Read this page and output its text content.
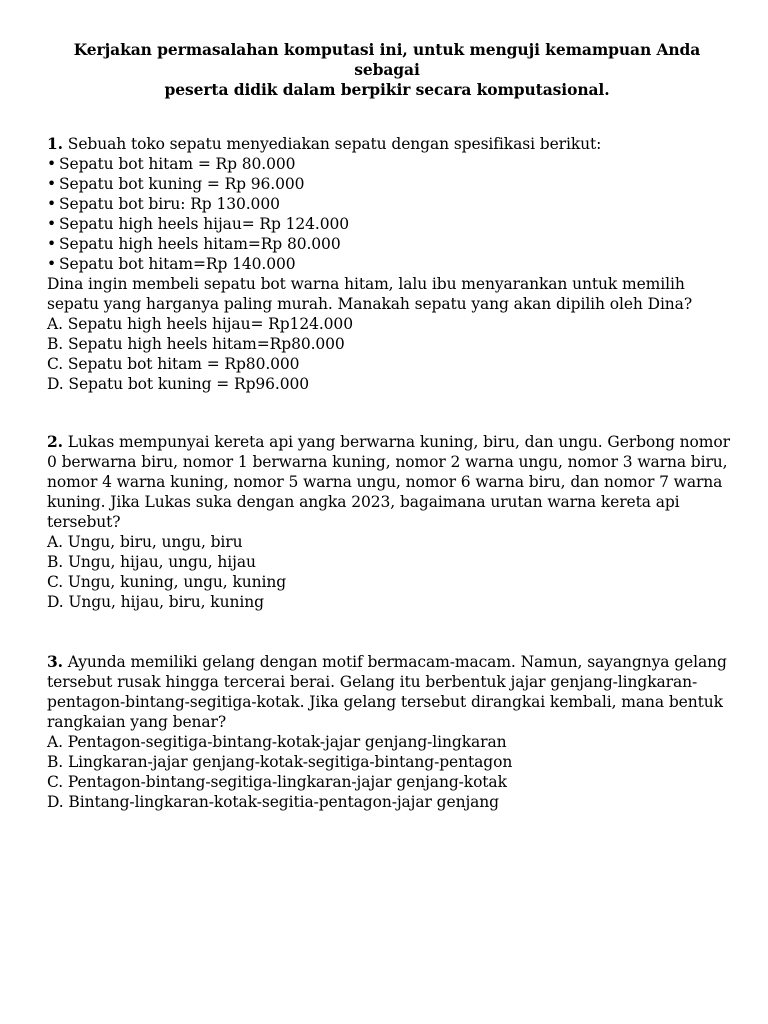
Kerjakan permasalahan komputasi ini, untuk menguji kemampuan Anda sebagai
peserta didik dalam berpikir secara komputasional.
1. Sebuah toko sepatu menyediakan sepatu dengan spesifikasi berikut:
• Sepatu bot hitam = Rp 80.000
• Sepatu bot kuning = Rp 96.000
• Sepatu bot biru: Rp 130.000
• Sepatu high heels hijau= Rp 124.000
• Sepatu high heels hitam=Rp 80.000
• Sepatu bot hitam=Rp 140.000
Dina ingin membeli sepatu bot warna hitam, lalu ibu menyarankan untuk memilih
sepatu yang harganya paling murah. Manakah sepatu yang akan dipilih oleh Dina?
A. Sepatu high heels hijau= Rp124.000
B. Sepatu high heels hitam=Rp80.000
C. Sepatu bot hitam = Rp80.000
D. Sepatu bot kuning = Rp96.000
2. Lukas mempunyai kereta api yang berwarna kuning, biru, dan ungu. Gerbong nomor
0 berwarna biru, nomor 1 berwarna kuning, nomor 2 warna ungu, nomor 3 warna biru,
nomor 4 warna kuning, nomor 5 warna ungu, nomor 6 warna biru, dan nomor 7 warna
kuning. Jika Lukas suka dengan angka 2023, bagaimana urutan warna kereta api
tersebut?
A. Ungu, biru, ungu, biru
B. Ungu, hijau, ungu, hijau
C. Ungu, kuning, ungu, kuning
D. Ungu, hijau, biru, kuning
3. Ayunda memiliki gelang dengan motif bermacam-macam. Namun, sayangnya gelang
tersebut rusak hingga tercerai berai. Gelang itu berbentuk jajar genjang-lingkaran-
pentagon-bintang-segitiga-kotak. Jika gelang tersebut dirangkai kembali, mana bentuk
rangkaian yang benar?
A. Pentagon-segitiga-bintang-kotak-jajar genjang-lingkaran
B. Lingkaran-jajar genjang-kotak-segitiga-bintang-pentagon
C. Pentagon-bintang-segitiga-lingkaran-jajar genjang-kotak
D. Bintang-lingkaran-kotak-segitia-pentagon-jajar genjang
